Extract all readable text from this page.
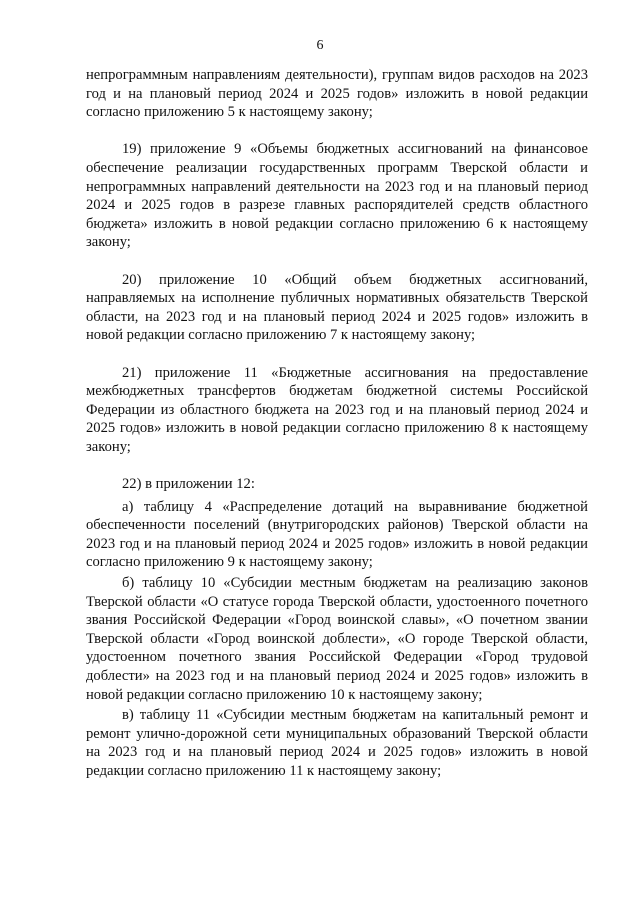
6

непрограммным направлениям деятельности), группам видов расходов на 2023 год и на плановый период 2024 и 2025 годов» изложить в новой редакции согласно приложению 5 к настоящему закону;

19) приложение 9 «Объемы бюджетных ассигнований на финансовое обеспечение реализации государственных программ Тверской области и непрограммных направлений деятельности на 2023 год и на плановый период 2024 и 2025 годов в разрезе главных распорядителей средств областного бюджета» изложить в новой редакции согласно приложению 6 к настоящему закону;

20) приложение 10 «Общий объем бюджетных ассигнований, направляемых на исполнение публичных нормативных обязательств Тверской области, на 2023 год и на плановый период 2024 и 2025 годов» изложить в новой редакции согласно приложению 7 к настоящему закону;

21) приложение 11 «Бюджетные ассигнования на предоставление межбюджетных трансфертов бюджетам бюджетной системы Российской Федерации из областного бюджета на 2023 год и на плановый период 2024 и 2025 годов» изложить в новой редакции согласно приложению 8 к настоящему закону;

22) в приложении 12:

а) таблицу 4 «Распределение дотаций на выравнивание бюджетной обеспеченности поселений (внутригородских районов) Тверской области на 2023 год и на плановый период 2024 и 2025 годов» изложить в новой редакции согласно приложению 9 к настоящему закону;

б) таблицу 10 «Субсидии местным бюджетам на реализацию законов Тверской области «О статусе города Тверской области, удостоенного почетного звания Российской Федерации «Город воинской славы», «О почетном звании Тверской области «Город воинской доблести», «О городе Тверской области, удостоенном почетного звания Российской Федерации «Город трудовой доблести» на 2023 год и на плановый период 2024 и 2025 годов» изложить в новой редакции согласно приложению 10 к настоящему закону;

в) таблицу 11 «Субсидии местным бюджетам на капитальный ремонт и ремонт улично-дорожной сети муниципальных образований Тверской области на 2023 год и на плановый период 2024 и 2025 годов» изложить в новой редакции согласно приложению 11 к настоящему закону;
